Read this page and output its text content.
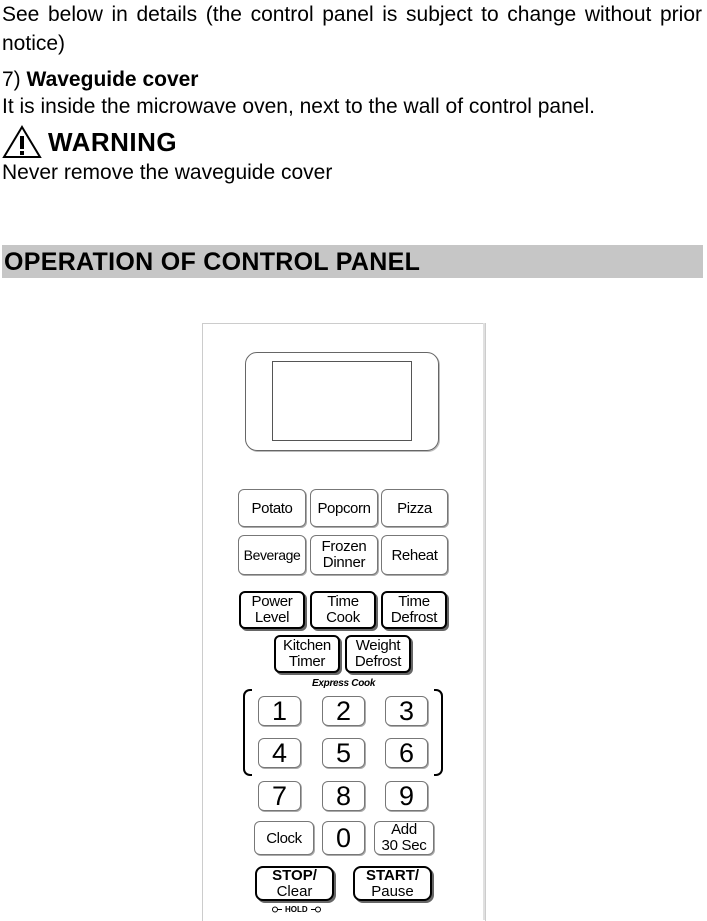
See below in details (the control panel is subject to change without prior notice)
7) Waveguide cover
It is inside the microwave oven, next to the wall of control panel.
WARNING
Never remove the waveguide cover
OPERATION OF CONTROL PANEL
Potato Popcorn Pizza
Beverage Frozen
Dinner Reheat
Power
Level
Time
Cook
Time
Defrost
Kitchen
Timer
Weight
Defrost
Express Cook
1 2 3
4 5 6
7 8 9
Clock 0	Add
30 Sec
STOP/
Clear
START/
Pause
HOLD
